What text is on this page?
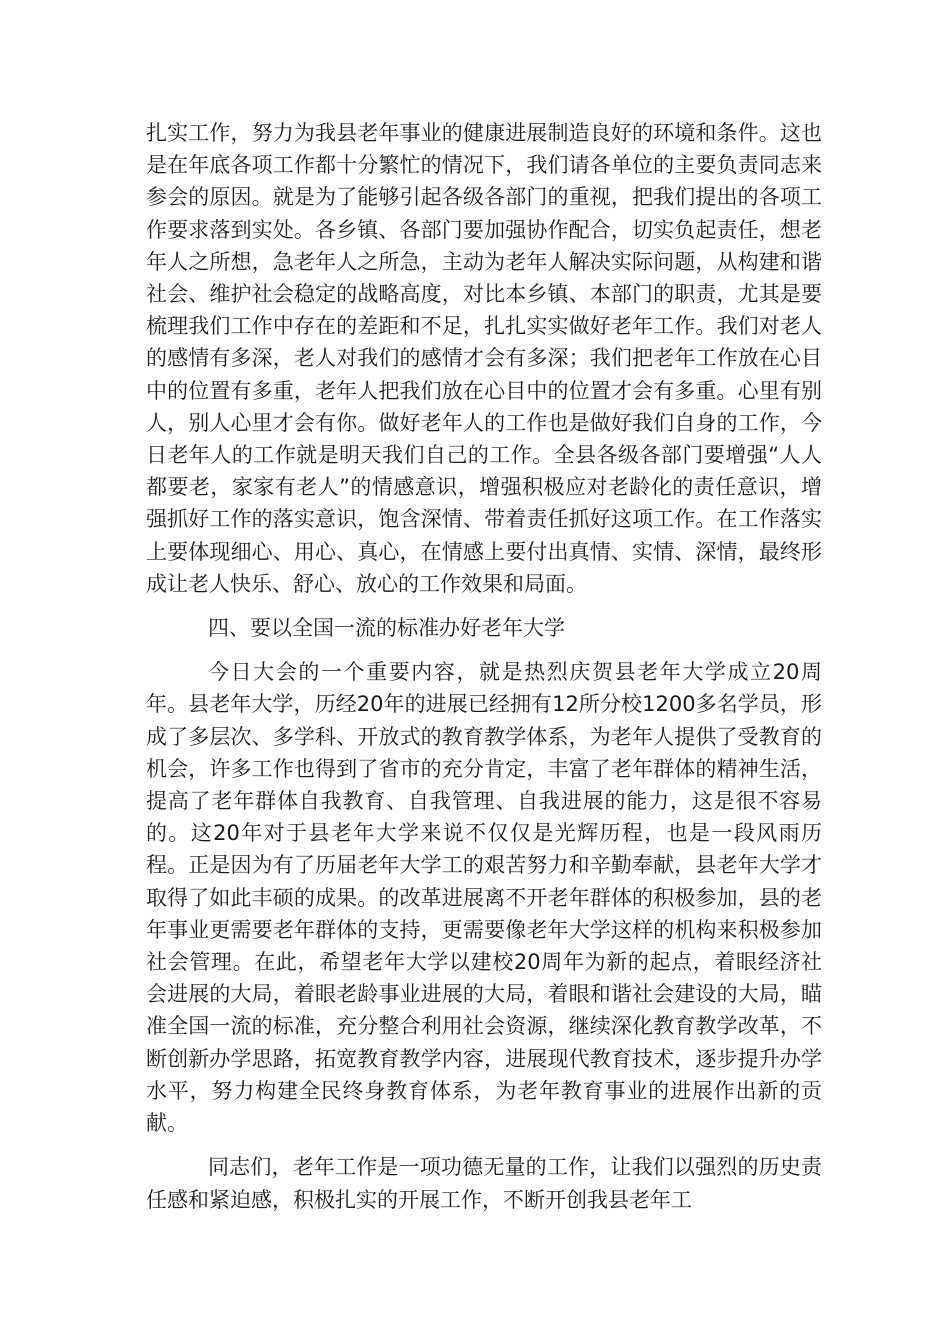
扎实工作，努力为我县老年事业的健康进展制造良好的环境和条件。这也是在年底各项工作都十分繁忙的情况下，我们请各单位的主要负责同志来参会的原因。就是为了能够引起各级各部门的重视，把我们提出的各项工作要求落到实处。各乡镇、各部门要加强协作配合，切实负起责任，想老年人之所想，急老年人之所急，主动为老年人解决实际问题，从构建和谐社会、维护社会稳定的战略高度，对比本乡镇、本部门的职责，尤其是要梳理我们工作中存在的差距和不足，扎扎实实做好老年工作。我们对老人的感情有多深，老人对我们的感情才会有多深；我们把老年工作放在心目中的位置有多重，老年人把我们放在心目中的位置才会有多重。心里有别人，别人心里才会有你。做好老年人的工作也是做好我们自身的工作，今日老年人的工作就是明天我们自己的工作。全县各级各部门要增强“人人都要老，家家有老人”的情感意识，增强积极应对老龄化的责任意识，增强抓好工作的落实意识，饱含深情、带着责任抓好这项工作。在工作落实上要体现细心、用心、真心，在情感上要付出真情、实情、深情，最终形成让老人快乐、舒心、放心的工作效果和局面。

四、要以全国一流的标准办好老年大学

今日大会的一个重要内容，就是热烈庆贺县老年大学成立20周年。县老年大学，历经20年的进展已经拥有12所分校1200多名学员，形成了多层次、多学科、开放式的教育教学体系，为老年人提供了受教育的机会，许多工作也得到了省市的充分肯定，丰富了老年群体的精神生活，提高了老年群体自我教育、自我管理、自我进展的能力，这是很不容易的。这20年对于县老年大学来说不仅仅是光辉历程，也是一段风雨历程。正是因为有了历届老年大学工的艰苦努力和辛勤奉献，县老年大学才取得了如此丰硕的成果。的改革进展离不开老年群体的积极参加，县的老年事业更需要老年群体的支持，更需要像老年大学这样的机构来积极参加社会管理。在此，希望老年大学以建校20周年为新的起点，着眼经济社会进展的大局，着眼老龄事业进展的大局，着眼和谐社会建设的大局，瞄准全国一流的标准，充分整合利用社会资源，继续深化教育教学改革，不断创新办学思路，拓宽教育教学内容，进展现代教育技术，逐步提升办学水平，努力构建全民终身教育体系，为老年教育事业的进展作出新的贡献。

同志们，老年工作是一项功德无量的工作，让我们以强烈的历史责任感和紧迫感，积极扎实的开展工作，不断开创我县老年工
